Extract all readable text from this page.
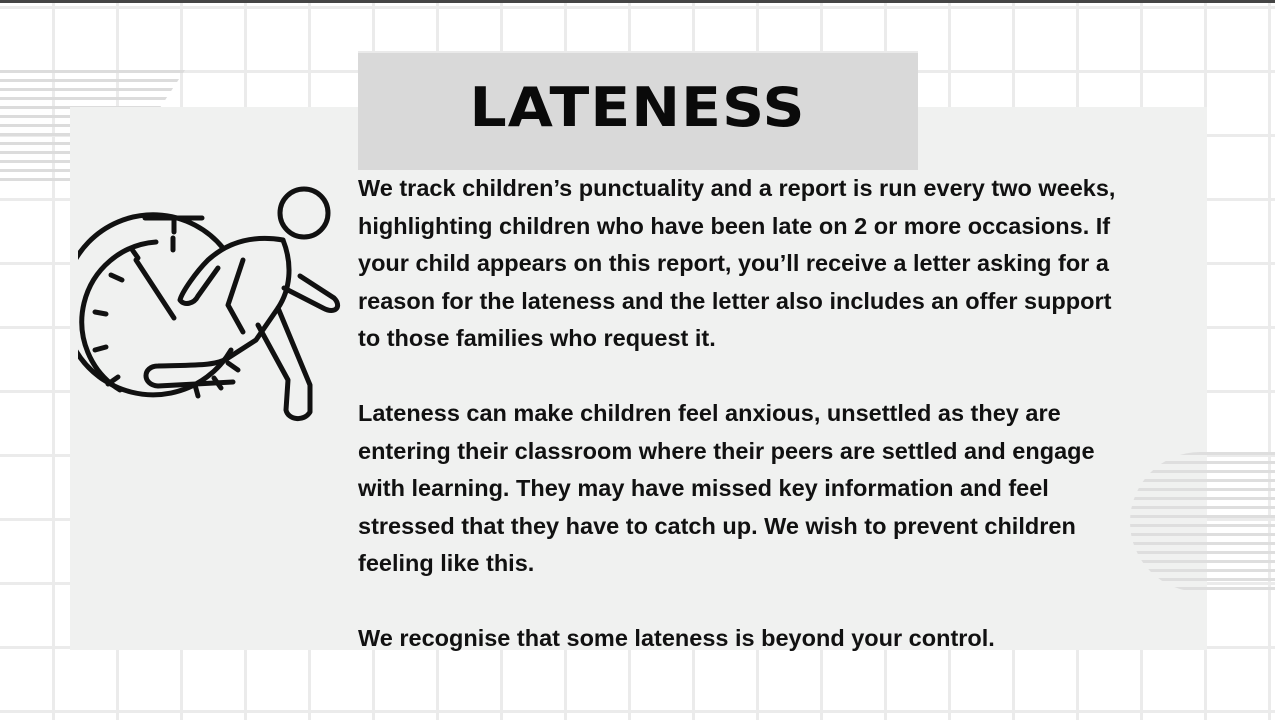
LATENESS

We track children’s punctuality and a report is run every two weeks,
highlighting children who have been late on 2 or more occasions. If
your child appears on this report, you’ll receive a letter asking for a
reason for the lateness and the letter also includes an offer support
to those families who request it.

Lateness can make children feel anxious, unsettled as they are
entering their classroom where their peers are settled and engage
with learning. They may have missed key information and feel
stressed that they have to catch up. We wish to prevent children
feeling like this.

We recognise that some lateness is beyond your control.
